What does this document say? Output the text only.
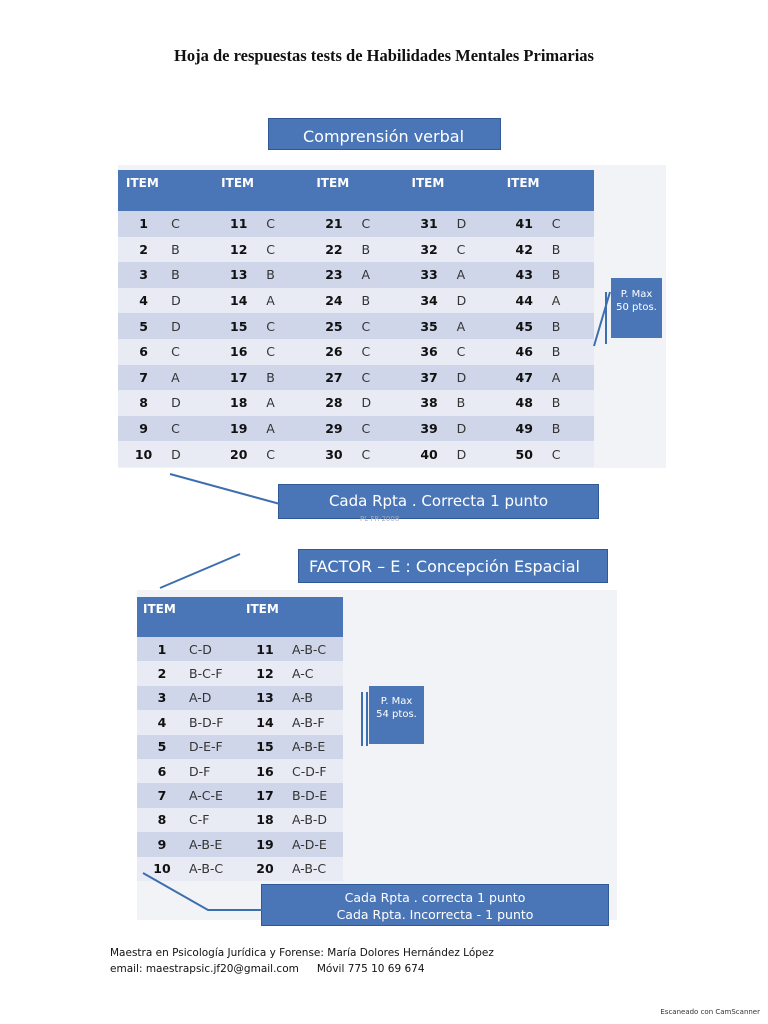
Hoja de respuestas tests de Habilidades Mentales Primarias
Comprensión verbal
ITEM		ITEM		ITEM		ITEM		ITEM	
1	C	11	C	21	C	31	D	41	C
2	B	12	C	22	B	32	C	42	B
3	B	13	B	23	A	33	A	43	B
4	D	14	A	24	B	34	D	44	A
5	D	15	C	25	C	35	A	45	B
6	C	16	C	26	C	36	C	46	B
7	A	17	B	27	C	37	D	47	A
8	D	18	A	28	D	38	B	48	B
9	C	19	A	29	C	39	D	49	B
10	D	20	C	30	C	40	D	50	C
P. Max
50 ptos.
Cada Rpta . Correcta 1 punto
PL FR-2008
FACTOR – E : Concepción Espacial
ITEM		ITEM	
1	C-D	11	A-B-C
2	B-C-F	12	A-C
3	A-D	13	A-B
4	B-D-F	14	A-B-F
5	D-E-F	15	A-B-E
6	D-F	16	C-D-F
7	A-C-E	17	B-D-E
8	C-F	18	A-B-D
9	A-B-E	19	A-D-E
10	A-B-C	20	A-B-C
P. Max
54 ptos.
Cada Rpta . correcta 1 punto
Cada Rpta. Incorrecta - 1 punto
Maestra en Psicología Jurídica y Forense: María Dolores Hernández López
email: maestrapsic.jf20@gmail.com Móvil 775 10 69 674
Escaneado con CamScanner
